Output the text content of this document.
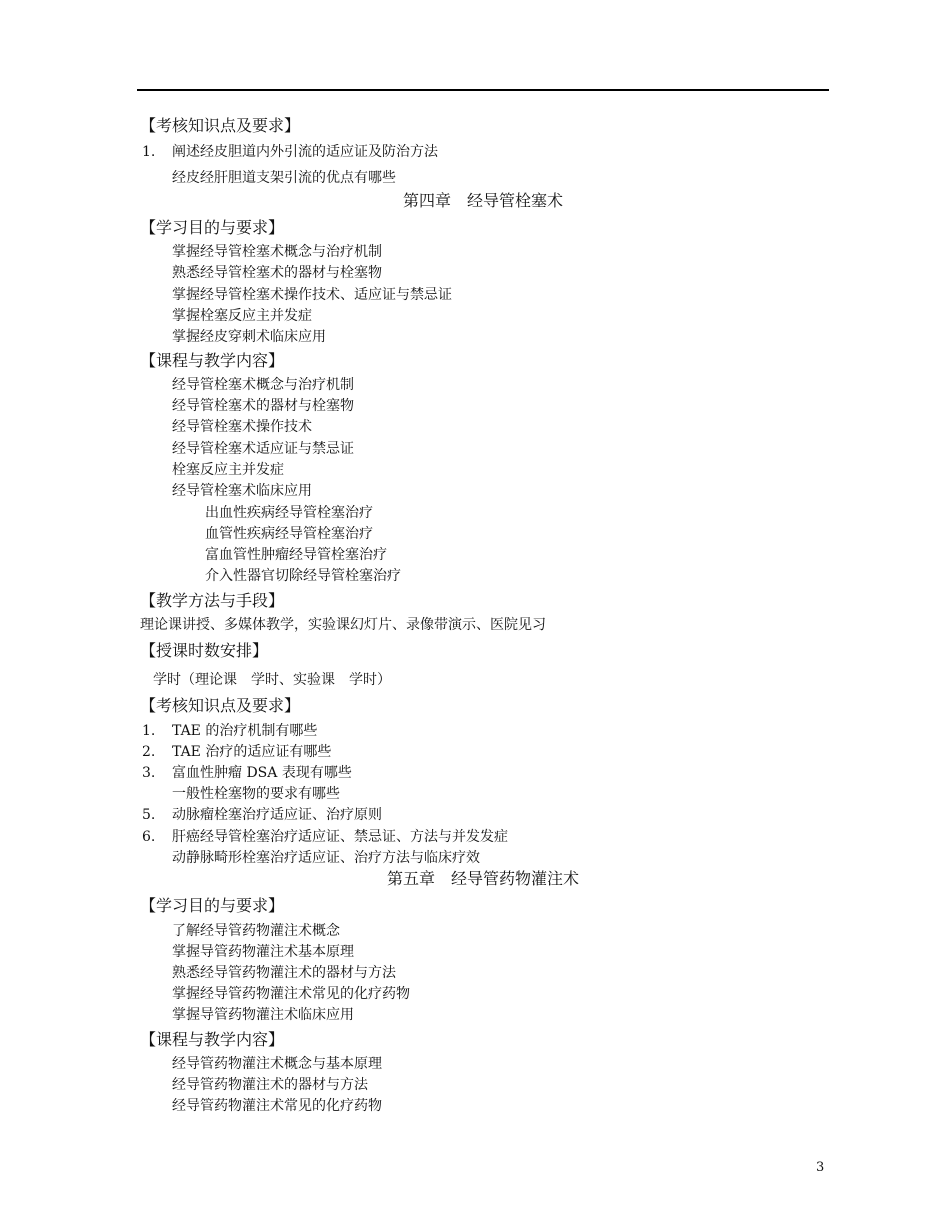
【考核知识点及要求】
1. 阐述经皮胆道内外引流的适应证及防治方法
经皮经肝胆道支架引流的优点有哪些
第四章　经导管栓塞术
【学习目的与要求】
掌握经导管栓塞术概念与治疗机制
熟悉经导管栓塞术的器材与栓塞物
掌握经导管栓塞术操作技术、适应证与禁忌证
掌握栓塞反应主并发症
掌握经皮穿刺术临床应用
【课程与教学内容】
经导管栓塞术概念与治疗机制
经导管栓塞术的器材与栓塞物
经导管栓塞术操作技术
经导管栓塞术适应证与禁忌证
栓塞反应主并发症
经导管栓塞术临床应用
出血性疾病经导管栓塞治疗
血管性疾病经导管栓塞治疗
富血管性肿瘤经导管栓塞治疗
介入性器官切除经导管栓塞治疗
【教学方法与手段】
理论课讲授、多媒体教学，实验课幻灯片、录像带演示、医院见习
【授课时数安排】
学时（理论课　学时、实验课　学时）
【考核知识点及要求】
1. TAE 的治疗机制有哪些
2. TAE 治疗的适应证有哪些
3. 富血性肿瘤 DSA 表现有哪些
一般性栓塞物的要求有哪些
5. 动脉瘤栓塞治疗适应证、治疗原则
6. 肝癌经导管栓塞治疗适应证、禁忌证、方法与并发发症
动静脉畸形栓塞治疗适应证、治疗方法与临床疗效
第五章　经导管药物灌注术
【学习目的与要求】
了解经导管药物灌注术概念
掌握导管药物灌注术基本原理
熟悉经导管药物灌注术的器材与方法
掌握经导管药物灌注术常见的化疗药物
掌握导管药物灌注术临床应用
【课程与教学内容】
经导管药物灌注术概念与基本原理
经导管药物灌注术的器材与方法
经导管药物灌注术常见的化疗药物
3
